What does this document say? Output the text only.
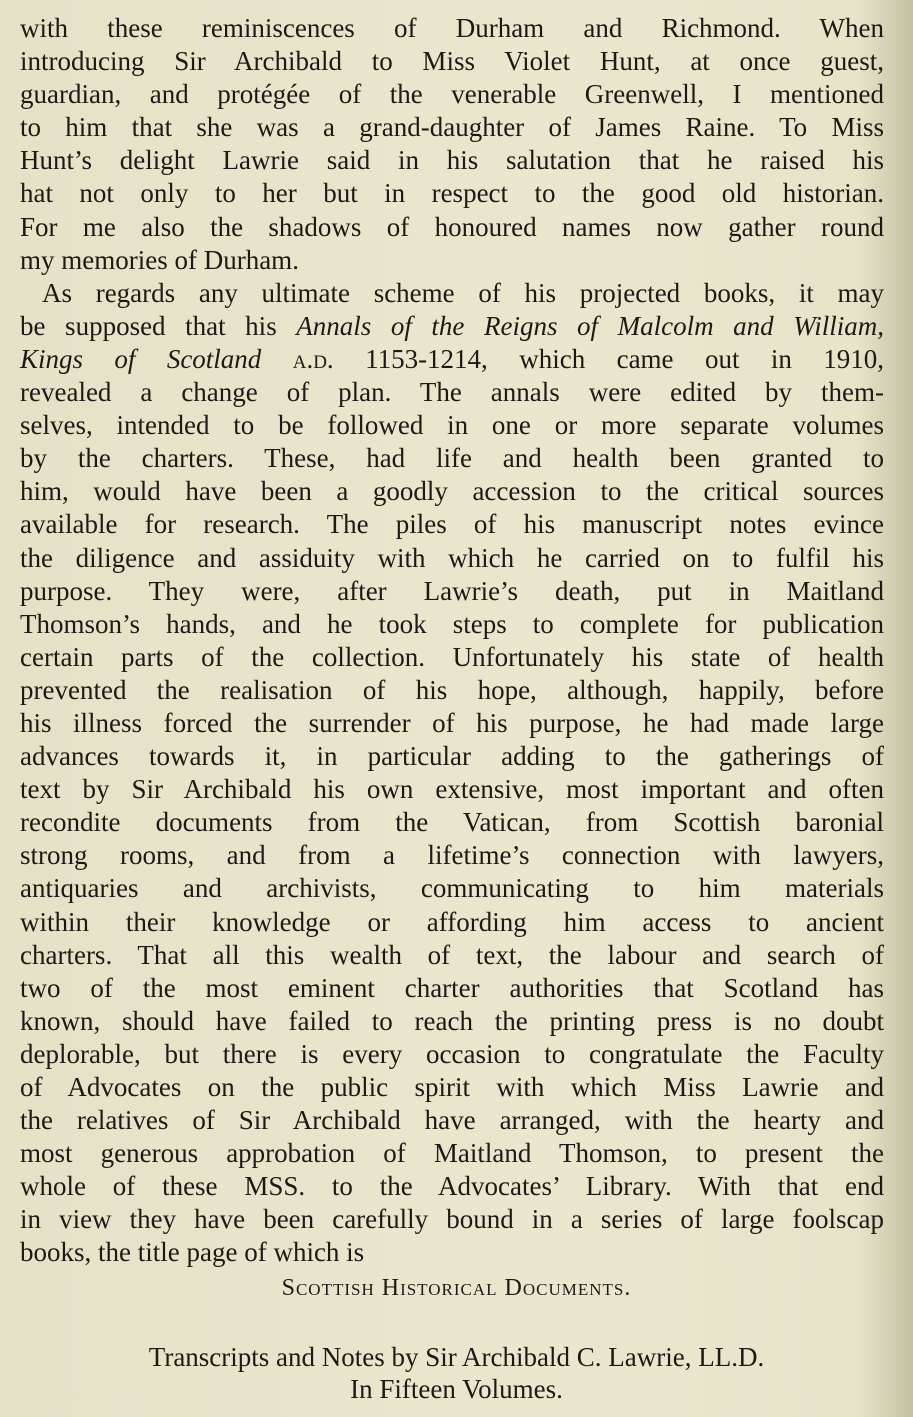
with these reminiscences of Durham and Richmond. When
introducing Sir Archibald to Miss Violet Hunt, at once guest,
guardian, and protégée of the venerable Greenwell, I mentioned
to him that she was a grand-daughter of James Raine. To Miss
Hunt’s delight Lawrie said in his salutation that he raised his
hat not only to her but in respect to the good old historian.
For me also the shadows of honoured names now gather round
my memories of Durham.
As regards any ultimate scheme of his projected books, it may
be supposed that his Annals of the Reigns of Malcolm and William,
Kings of Scotland a.d. 1153-1214, which came out in 1910,
revealed a change of plan. The annals were edited by them-
selves, intended to be followed in one or more separate volumes
by the charters. These, had life and health been granted to
him, would have been a goodly accession to the critical sources
available for research. The piles of his manuscript notes evince
the diligence and assiduity with which he carried on to fulfil his
purpose. They were, after Lawrie’s death, put in Maitland
Thomson’s hands, and he took steps to complete for publication
certain parts of the collection. Unfortunately his state of health
prevented the realisation of his hope, although, happily, before
his illness forced the surrender of his purpose, he had made large
advances towards it, in particular adding to the gatherings of
text by Sir Archibald his own extensive, most important and often
recondite documents from the Vatican, from Scottish baronial
strong rooms, and from a lifetime’s connection with lawyers,
antiquaries and archivists, communicating to him materials
within their knowledge or affording him access to ancient
charters. That all this wealth of text, the labour and search of
two of the most eminent charter authorities that Scotland has
known, should have failed to reach the printing press is no doubt
deplorable, but there is every occasion to congratulate the Faculty
of Advocates on the public spirit with which Miss Lawrie and
the relatives of Sir Archibald have arranged, with the hearty and
most generous approbation of Maitland Thomson, to present the
whole of these MSS. to the Advocates’ Library. With that end
in view they have been carefully bound in a series of large foolscap
books, the title page of which is
Scottish Historical Documents.
Transcripts and Notes by Sir Archibald C. Lawrie, LL.D.
In Fifteen Volumes.
